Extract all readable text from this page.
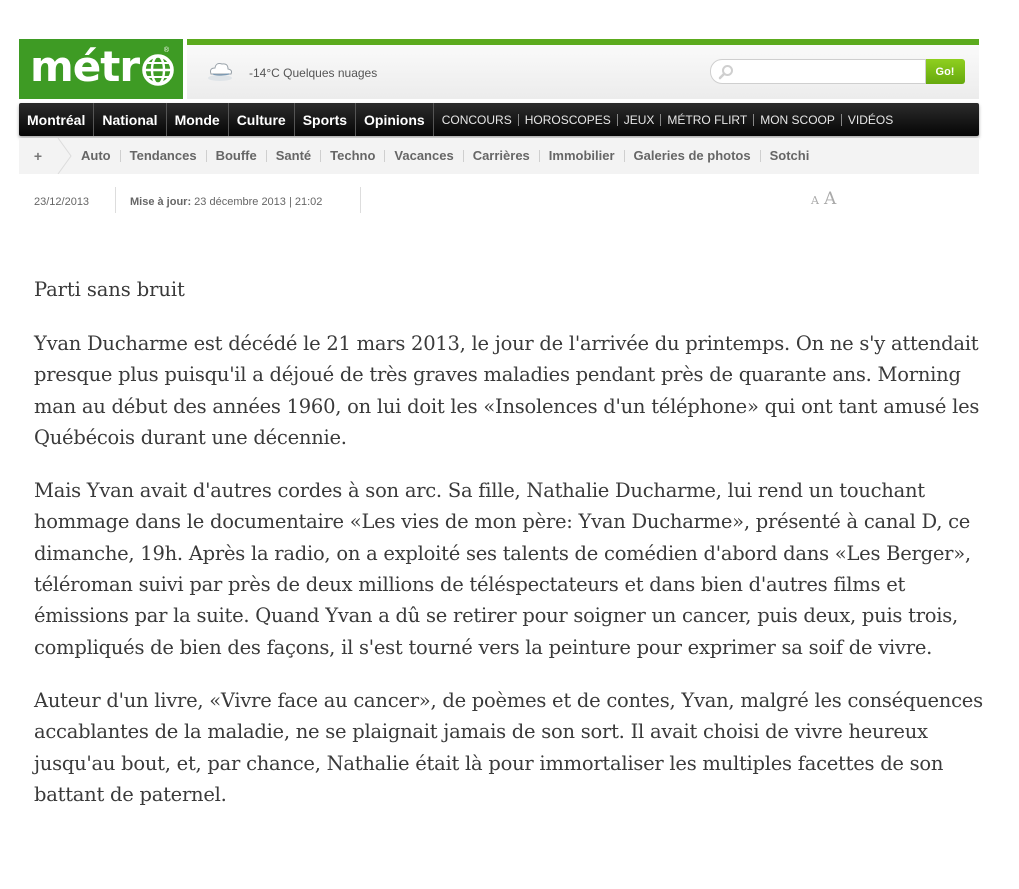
métr	®
-14°C Quelques nuages	Go!
Montréal	National	Monde	Culture	Sports	Opinions	CONCOURS	HOROSCOPES	JEUX	MÉTRO FLIRT	MON SCOOP	VIDÉOS
+	Auto	Tendances	Bouffe	Santé	Techno	Vacances	Carrières	Immobilier	Galeries de photos	Sotchi
23/12/2013	Mise à jour: 23 décembre 2013 | 21:02	A A
Parti sans bruit

Yvan Ducharme est décédé le 21 mars 2013, le jour de l'arrivée du printemps. On ne s'y attendait presque plus puisqu'il a déjoué de très graves maladies pendant près de quarante ans. Morning man au début des années 1960, on lui doit les «Insolences d'un téléphone» qui ont tant amusé les Québécois durant une décennie.

Mais Yvan avait d'autres cordes à son arc. Sa fille, Nathalie Ducharme, lui rend un touchant hommage dans le documentaire «Les vies de mon père: Yvan Ducharme», présenté à canal D, ce dimanche, 19h. Après la radio, on a exploité ses talents de comédien d'abord dans «Les Berger», téléroman suivi par près de deux millions de téléspectateurs et dans bien d'autres films et émissions par la suite. Quand Yvan a dû se retirer pour soigner un cancer, puis deux, puis trois, compliqués de bien des façons, il s'est tourné vers la peinture pour exprimer sa soif de vivre.

Auteur d'un livre, «Vivre face au cancer», de poèmes et de contes, Yvan, malgré les conséquences accablantes de la maladie, ne se plaignait jamais de son sort. Il avait choisi de vivre heureux jusqu'au bout, et, par chance, Nathalie était là pour immortaliser les multiples facettes de son battant de paternel.
